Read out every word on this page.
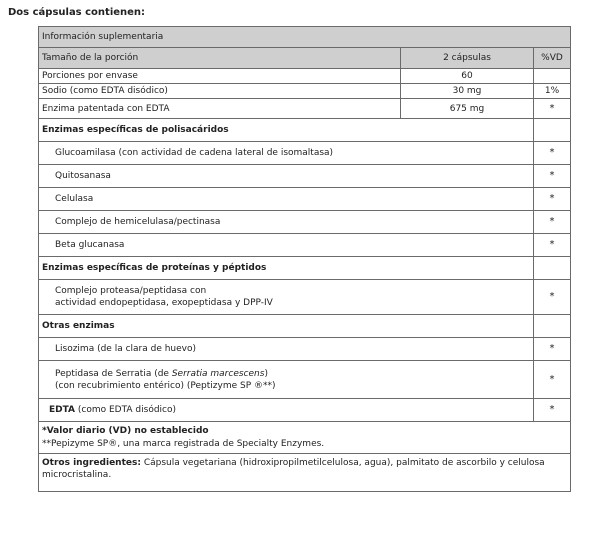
Dos cápsulas contienen:
Información suplementaria		
Tamaño de la porción	2 cápsulas	%VD
Porciones por envase	60	
Sodio (como EDTA disódico)	30 mg	1%
Enzima patentada con EDTA	675 mg	*
Enzimas específicas de polisacáridos		
Glucoamilasa (con actividad de cadena lateral de isomaltasa)		*
Quitosanasa		*
Celulasa		*
Complejo de hemicelulasa/pectinasa		*
Beta glucanasa		*
Enzimas específicas de proteínas y péptidos		
Complejo proteasa/peptidasa con
actividad endopeptidasa, exopeptidasa y DPP-IV		*
Otras enzimas		
Lisozima (de la clara de huevo)		*
Peptidasa de Serratia (de Serratia marcescens)
(con recubrimiento entérico) (Peptizyme SP ®**)		*
EDTA (como EDTA disódico)		*
*Valor diario (VD) no establecido		
**Pepizyme SP®, una marca registrada de Specialty Enzymes.		
Otros ingredientes: Cápsula vegetariana (hidroxipropilmetilcelulosa, agua), palmitato de ascorbilo y celulosa microcristalina.		
